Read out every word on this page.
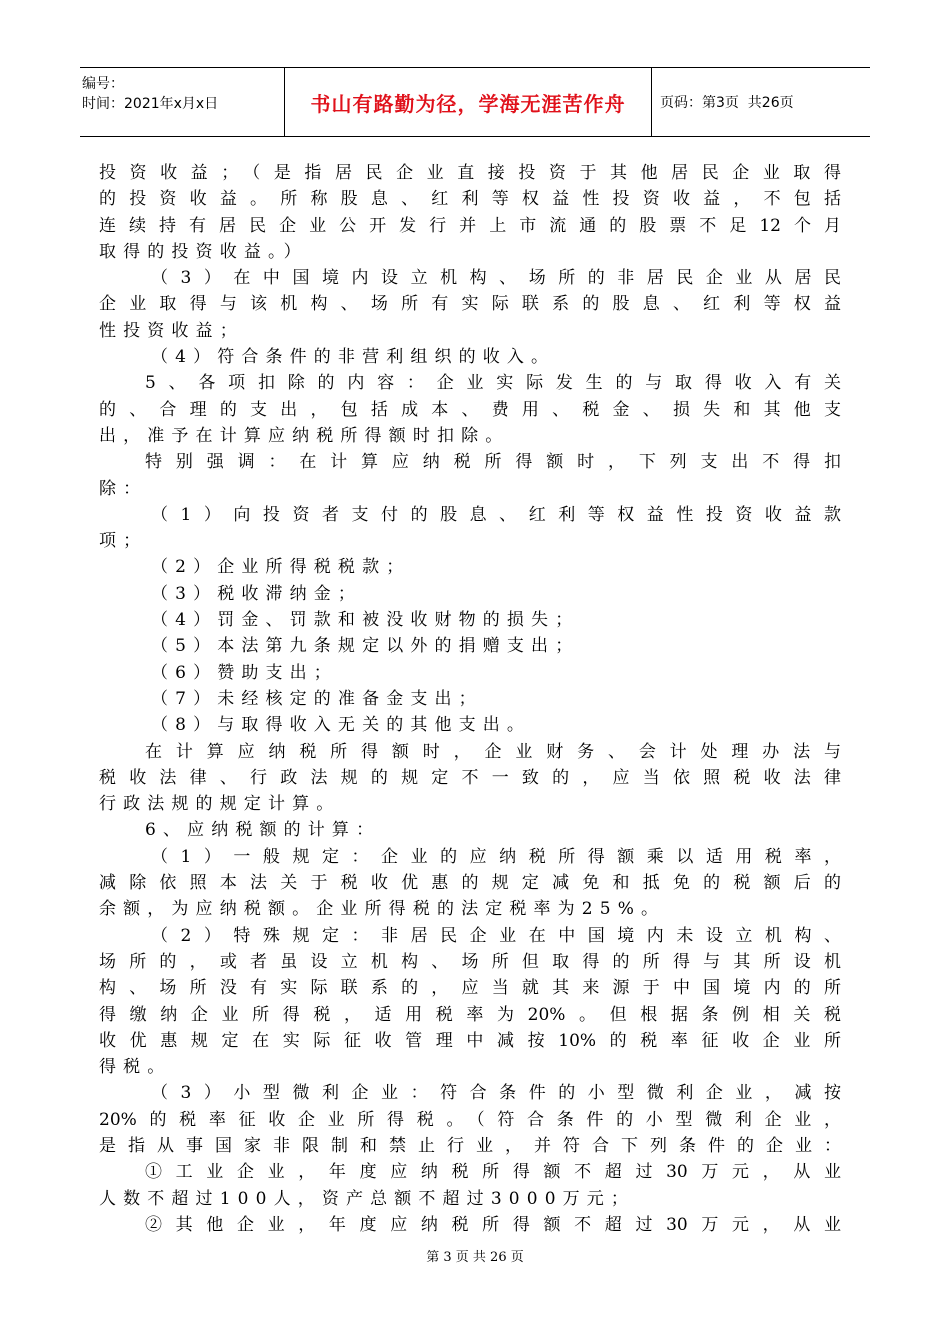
编号：
时间：2021年x月x日	书山有路勤为径，学海无涯苦作舟 页码：第3页  共26页
投资收益；（是指居民企业直接投资于其他居民企业取得
的投资收益。所称股息、红利等权益性投资收益，不包括
连续持有居民企业公开发行并上市流通的股票不足12个月
取得的投资收益。）
（3）在中国境内设立机构、场所的非居民企业从居民
企业取得与该机构、场所有实际联系的股息、红利等权益
性投资收益；
（4）符合条件的非营利组织的收入。
5、各项扣除的内容：企业实际发生的与取得收入有关
的、合理的支出，包括成本、费用、税金、损失和其他支
出，准予在计算应纳税所得额时扣除。
特别强调：在计算应纳税所得额时，下列支出不得扣
除：
（1）向投资者支付的股息、红利等权益性投资收益款
项；
（2）企业所得税税款；
（3）税收滞纳金；
（4）罚金、罚款和被没收财物的损失；
（5）本法第九条规定以外的捐赠支出；
（6）赞助支出；
（7）未经核定的准备金支出；
（8）与取得收入无关的其他支出。
在计算应纳税所得额时，企业财务、会计处理办法与
税收法律、行政法规的规定不一致的，应当依照税收法律
行政法规的规定计算。
6、应纳税额的计算：
（1）一般规定：企业的应纳税所得额乘以适用税率，
减除依照本法关于税收优惠的规定减免和抵免的税额后的
余额，为应纳税额。企业所得税的法定税率为25%。
（2）特殊规定：非居民企业在中国境内未设立机构、
场所的，或者虽设立机构、场所但取得的所得与其所设机
构、场所没有实际联系的，应当就其来源于中国境内的所
得缴纳企业所得税，适用税率为20%。但根据条例相关税
收优惠规定在实际征收管理中减按10%的税率征收企业所
得税。
（3）小型微利企业：符合条件的小型微利企业，减按
20%的税率征收企业所得税。（符合条件的小型微利企业，
是指从事国家非限制和禁止行业，并符合下列条件的企业：
①工业企业，年度应纳税所得额不超过30万元，从业
人数不超过100人，资产总额不超过3000万元；
②其他企业，年度应纳税所得额不超过30万元，从业
第 3 页 共 26 页
